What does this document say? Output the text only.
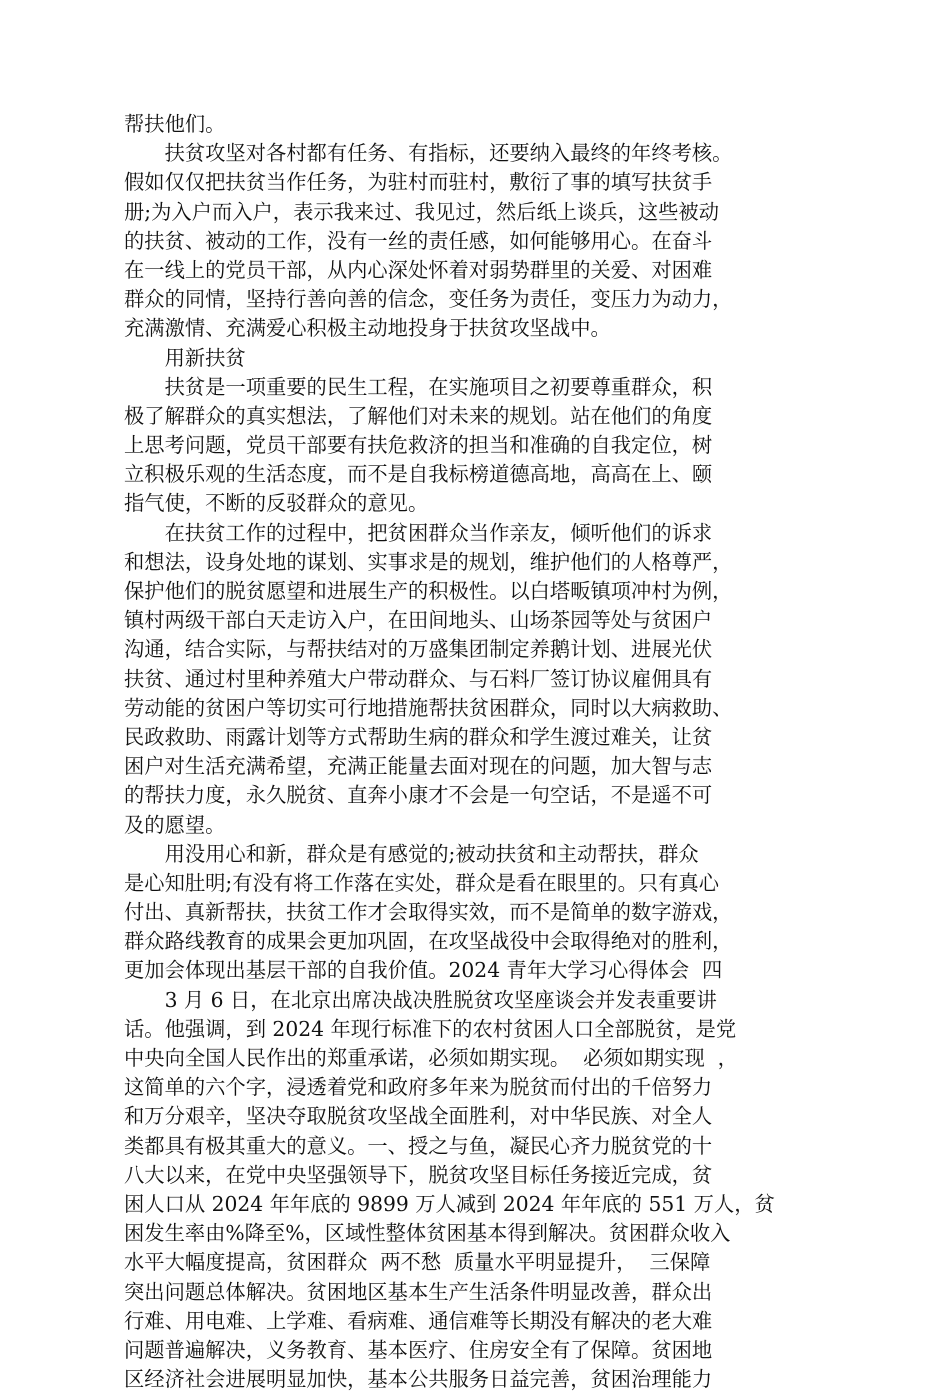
帮扶他们。
　　扶贫攻坚对各村都有任务、有指标，还要纳入最终的年终考核。
假如仅仅把扶贫当作任务，为驻村而驻村，敷衍了事的填写扶贫手
册;为入户而入户，表示我来过、我见过，然后纸上谈兵，这些被动
的扶贫、被动的工作，没有一丝的责任感，如何能够用心。在奋斗
在一线上的党员干部，从内心深处怀着对弱势群里的关爱、对困难
群众的同情，坚持行善向善的信念，变任务为责任，变压力为动力，
充满激情、充满爱心积极主动地投身于扶贫攻坚战中。
　　用新扶贫
　　扶贫是一项重要的民生工程，在实施项目之初要尊重群众，积
极了解群众的真实想法，了解他们对未来的规划。站在他们的角度
上思考问题，党员干部要有扶危救济的担当和准确的自我定位，树
立积极乐观的生活态度，而不是自我标榜道德高地，高高在上、颐
指气使，不断的反驳群众的意见。
　　在扶贫工作的过程中，把贫困群众当作亲友，倾听他们的诉求
和想法，设身处地的谋划、实事求是的规划，维护他们的人格尊严，
保护他们的脱贫愿望和进展生产的积极性。以白塔畈镇项冲村为例，
镇村两级干部白天走访入户，在田间地头、山场茶园等处与贫困户
沟通，结合实际，与帮扶结对的万盛集团制定养鹅计划、进展光伏
扶贫、通过村里种养殖大户带动群众、与石料厂签订协议雇佣具有
劳动能的贫困户等切实可行地措施帮扶贫困群众，同时以大病救助、
民政救助、雨露计划等方式帮助生病的群众和学生渡过难关，让贫
困户对生活充满希望，充满正能量去面对现在的问题，加大智与志
的帮扶力度，永久脱贫、直奔小康才不会是一句空话，不是遥不可
及的愿望。
　　用没用心和新，群众是有感觉的;被动扶贫和主动帮扶，群众
是心知肚明;有没有将工作落在实处，群众是看在眼里的。只有真心
付出、真新帮扶，扶贫工作才会取得实效，而不是简单的数字游戏，
群众路线教育的成果会更加巩固，在攻坚战役中会取得绝对的胜利，
更加会体现出基层干部的自我价值。2024 青年大学习心得体会  四
　　3 月 6 日，在北京出席决战决胜脱贫攻坚座谈会并发表重要讲
话。他强调，到 2024 年现行标准下的农村贫困人口全部脱贫，是党
中央向全国人民作出的郑重承诺，必须如期实现。  必须如期实现  ，
这简单的六个字，浸透着党和政府多年来为脱贫而付出的千倍努力
和万分艰辛，坚决夺取脱贫攻坚战全面胜利，对中华民族、对全人
类都具有极其重大的意义。一、授之与鱼，凝民心齐力脱贫党的十
八大以来，在党中央坚强领导下，脱贫攻坚目标任务接近完成，贫
困人口从 2024 年年底的 9899 万人减到 2024 年年底的 551 万人，贫
困发生率由%降至%，区域性整体贫困基本得到解决。贫困群众收入
水平大幅度提高，贫困群众  两不愁  质量水平明显提升，  三保障
突出问题总体解决。贫困地区基本生产生活条件明显改善，群众出
行难、用电难、上学难、看病难、通信难等长期没有解决的老大难
问题普遍解决，义务教育、基本医疗、住房安全有了保障。贫困地
区经济社会进展明显加快，基本公共服务日益完善，贫困治理能力
